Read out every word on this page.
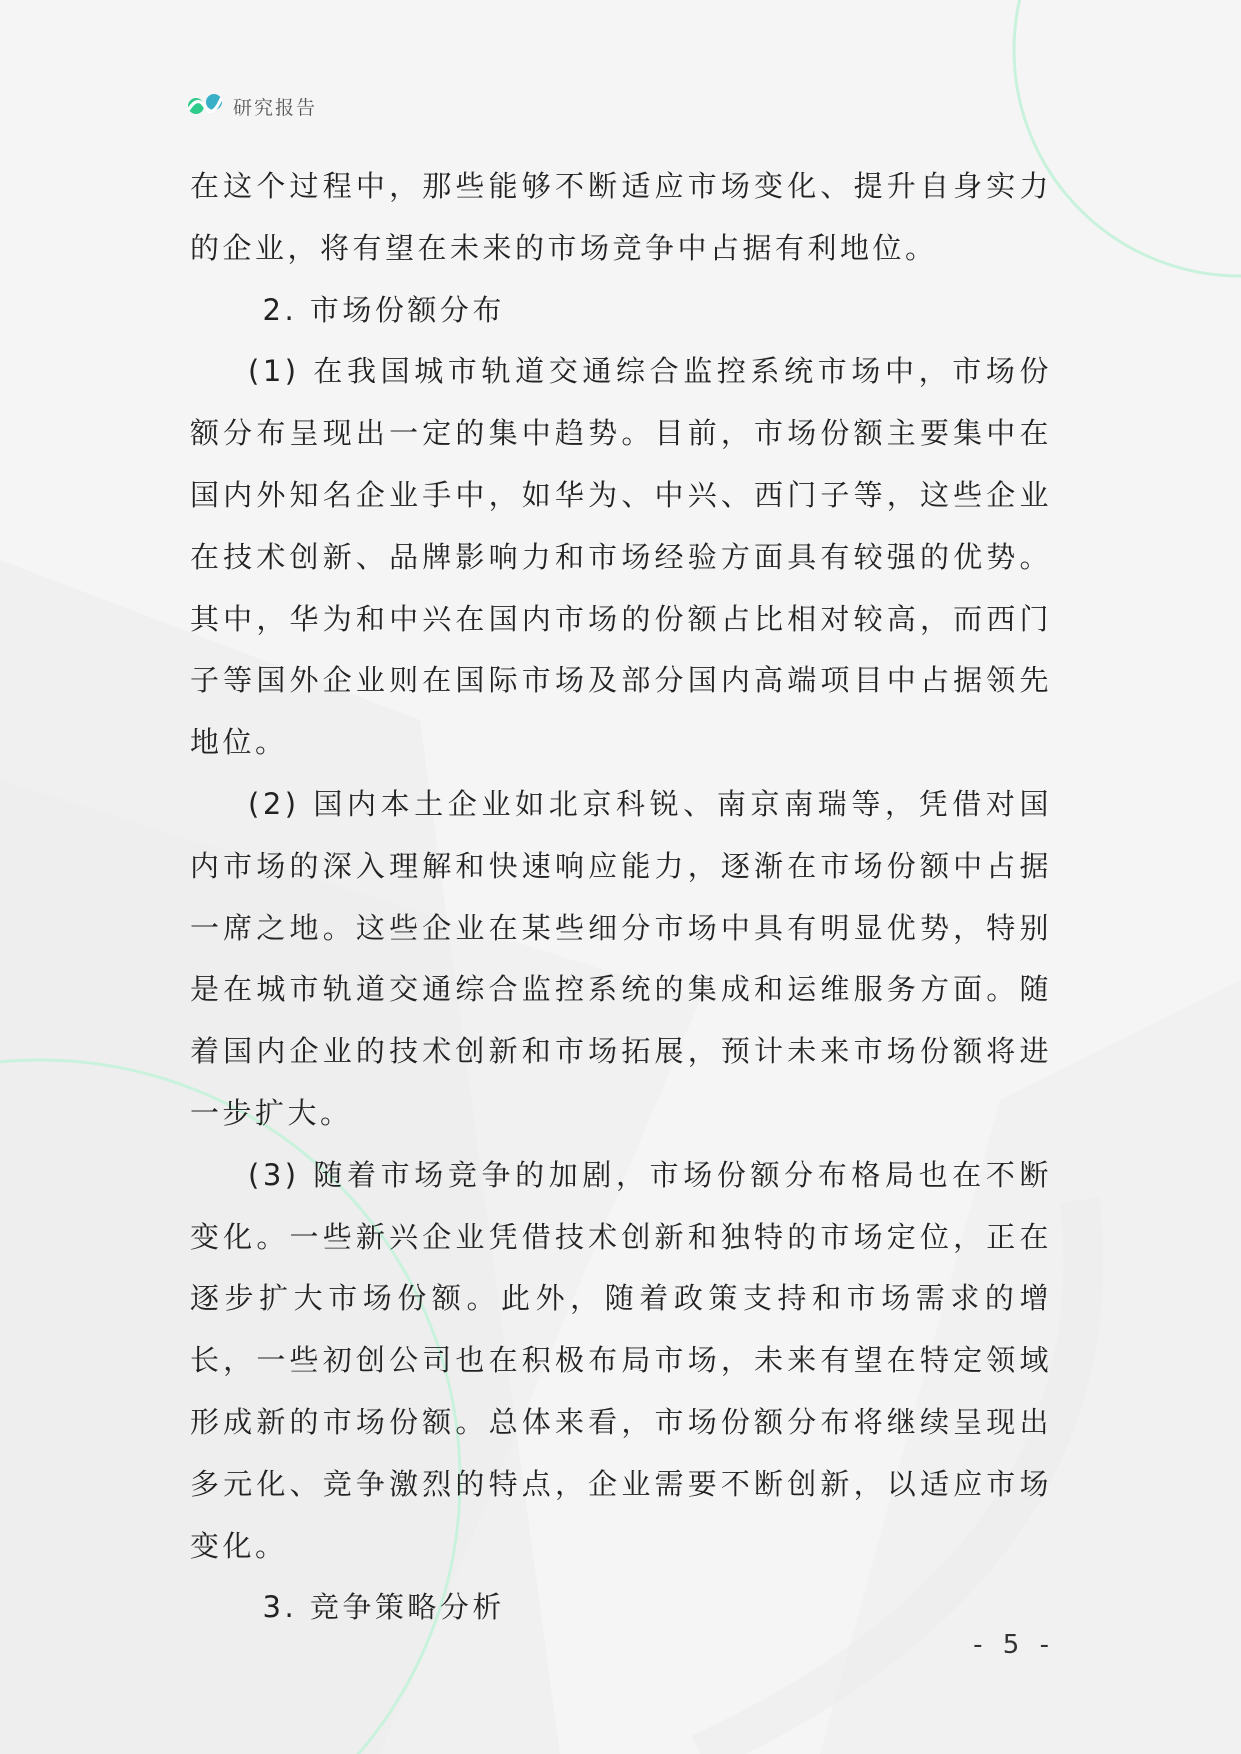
研究报告

在这个过程中，那些能够不断适应市场变化、提升自身实力的企业，将有望在未来的市场竞争中占据有利地位。

2. 市场份额分布

(1) 在我国城市轨道交通综合监控系统市场中，市场份额分布呈现出一定的集中趋势。目前，市场份额主要集中在国内外知名企业手中，如华为、中兴、西门子等，这些企业在技术创新、品牌影响力和市场经验方面具有较强的优势。其中，华为和中兴在国内市场的份额占比相对较高，而西门子等国外企业则在国际市场及部分国内高端项目中占据领先地位。

(2) 国内本土企业如北京科锐、南京南瑞等，凭借对国内市场的深入理解和快速响应能力，逐渐在市场份额中占据一席之地。这些企业在某些细分市场中具有明显优势，特别是在城市轨道交通综合监控系统的集成和运维服务方面。随着国内企业的技术创新和市场拓展，预计未来市场份额将进一步扩大。

(3) 随着市场竞争的加剧，市场份额分布格局也在不断变化。一些新兴企业凭借技术创新和独特的市场定位，正在逐步扩大市场份额。此外，随着政策支持和市场需求的增长，一些初创公司也在积极布局市场，未来有望在特定领域形成新的市场份额。总体来看，市场份额分布将继续呈现出多元化、竞争激烈的特点，企业需要不断创新，以适应市场变化。

3. 竞争策略分析
- 5 -
